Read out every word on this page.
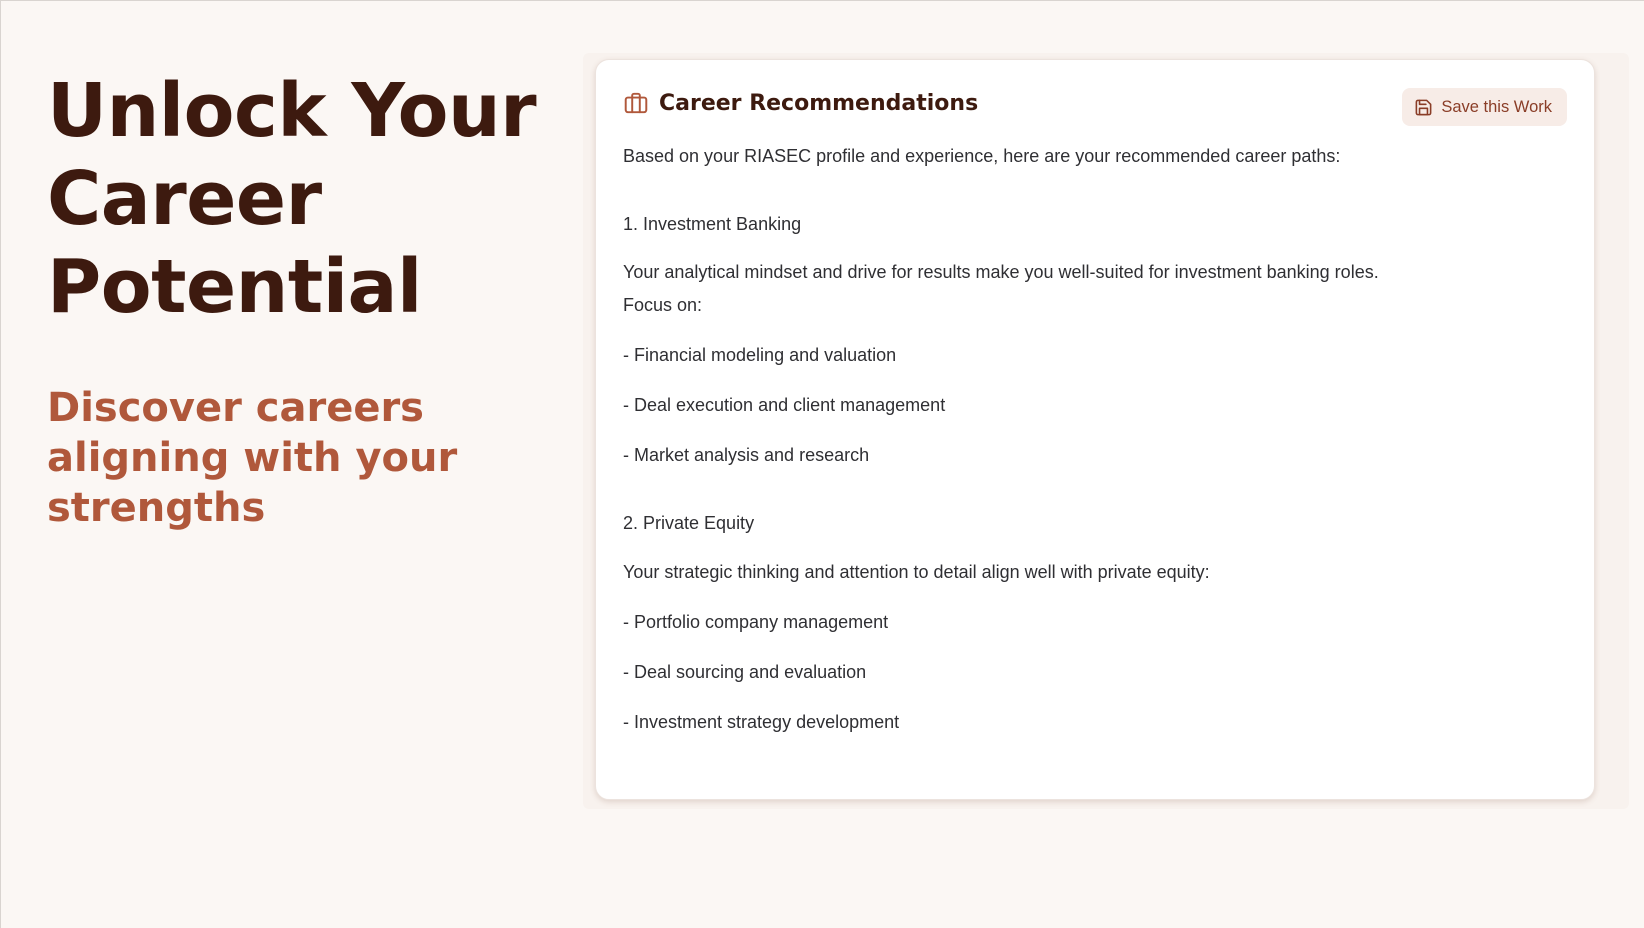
Unlock Your Career Potential
Discover careers aligning with your strengths
Career Recommendations	Save this Work
Based on your RIASEC profile and experience, here are your recommended career paths:
1. Investment Banking
Your analytical mindset and drive for results make you well-suited for investment banking roles. Focus on:
- Financial modeling and valuation
- Deal execution and client management
- Market analysis and research
2. Private Equity
Your strategic thinking and attention to detail align well with private equity:
- Portfolio company management
- Deal sourcing and evaluation
- Investment strategy development
